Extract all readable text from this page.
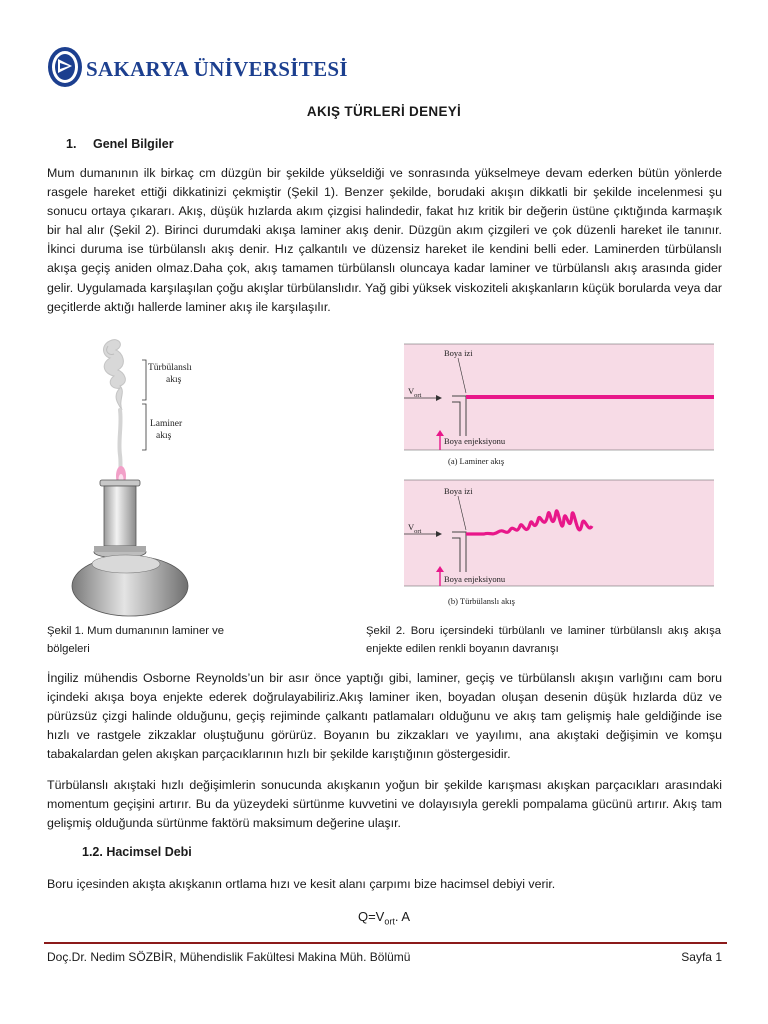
SAKARYA ÜNİVERSİTESİ
AKIŞ TÜRLERİ DENEYİ
1. Genel Bilgiler
Mum dumanının ilk birkaç cm düzgün bir şekilde yükseldiği ve sonrasında yükselmeye devam ederken bütün yönlerde rasgele hareket ettiği dikkatinizi çekmiştir (Şekil 1). Benzer şekilde, borudaki akışın dikkatli bir şekilde incelenmesi şu sonucu ortaya çıkararı. Akış, düşük hızlarda akım çizgisi halindedir, fakat hız kritik bir değerin üstüne çıktığında karmaşık bir hal alır (Şekil 2). Birinci durumdaki akışa laminer akış denir. Düzgün akım çizgileri ve çok düzenli hareket ile tanınır. İkinci duruma ise türbülanslı akış denir. Hız çalkantılı ve düzensiz hareket ile kendini belli eder. Laminerden türbülanslı akışa geçiş aniden olmaz.Daha çok, akış tamamen türbülanslı oluncaya kadar laminer ve türbülanslı akış arasında gider gelir. Uygulamada karşılaşılan çoğu akışlar türbülanslıdır. Yağ gibi yüksek viskoziteli akışkanların küçük borularda veya dar geçitlerde aktığı hallerde laminer akış ile karşılaşılır.
Türbülanslı
akış
Laminer
akış
$V_{ort}$
Boya izi
Boya enjeksiyonu
(a) Laminer akış
$V_{ort}$
Boya izi
Boya enjeksiyonu
(b) Türbülanslı akış
Şekil 1. Mum dumanının laminer ve
bölgeleri
Şekil 2. Boru içersindeki türbülanlı ve laminer türbülanslı akış akışa enjekte edilen renkli boyanın davranışı
İngiliz mühendis Osborne Reynolds’un bir asır önce yaptığı gibi, laminer, geçiş ve türbülanslı akışın varlığını cam boru içindeki akışa boya enjekte ederek doğrulayabiliriz.Akış laminer iken, boyadan oluşan desenin düşük hızlarda düz ve pürüzsüz çizgi halinde olduğunu, geçiş rejiminde çalkantı patlamaları olduğunu ve akış tam gelişmiş hale geldiğinde ise hızlı ve rastgele zikzaklar oluştuğunu görürüz. Boyanın bu zikzakları ve yayılımı, ana akıştaki değişimin ve komşu tabakalardan gelen akışkan parçacıklarının hızlı bir şekilde karıştığının göstergesidir.
Türbülanslı akıştaki hızlı değişimlerin sonucunda akışkanın yoğun bir şekilde karışması akışkan parçacıkları arasındaki momentum geçişini artırır. Bu da yüzeydeki sürtünme kuvvetini ve dolayısıyla gerekli pompalama gücünü artırır. Akış tam gelişmiş olduğunda sürtünme faktörü maksimum değerine ulaşır.
1.2. Hacimsel Debi
Boru içesinden akışta akışkanın ortlama hızı ve kesit alanı çarpımı bize hacimsel debiyi verir.
$Q=V_{ort}$. A
Doç.Dr. Nedim SÖZBİR, Mühendislik Fakültesi Makina Müh. Bölümü	Sayfa 1
